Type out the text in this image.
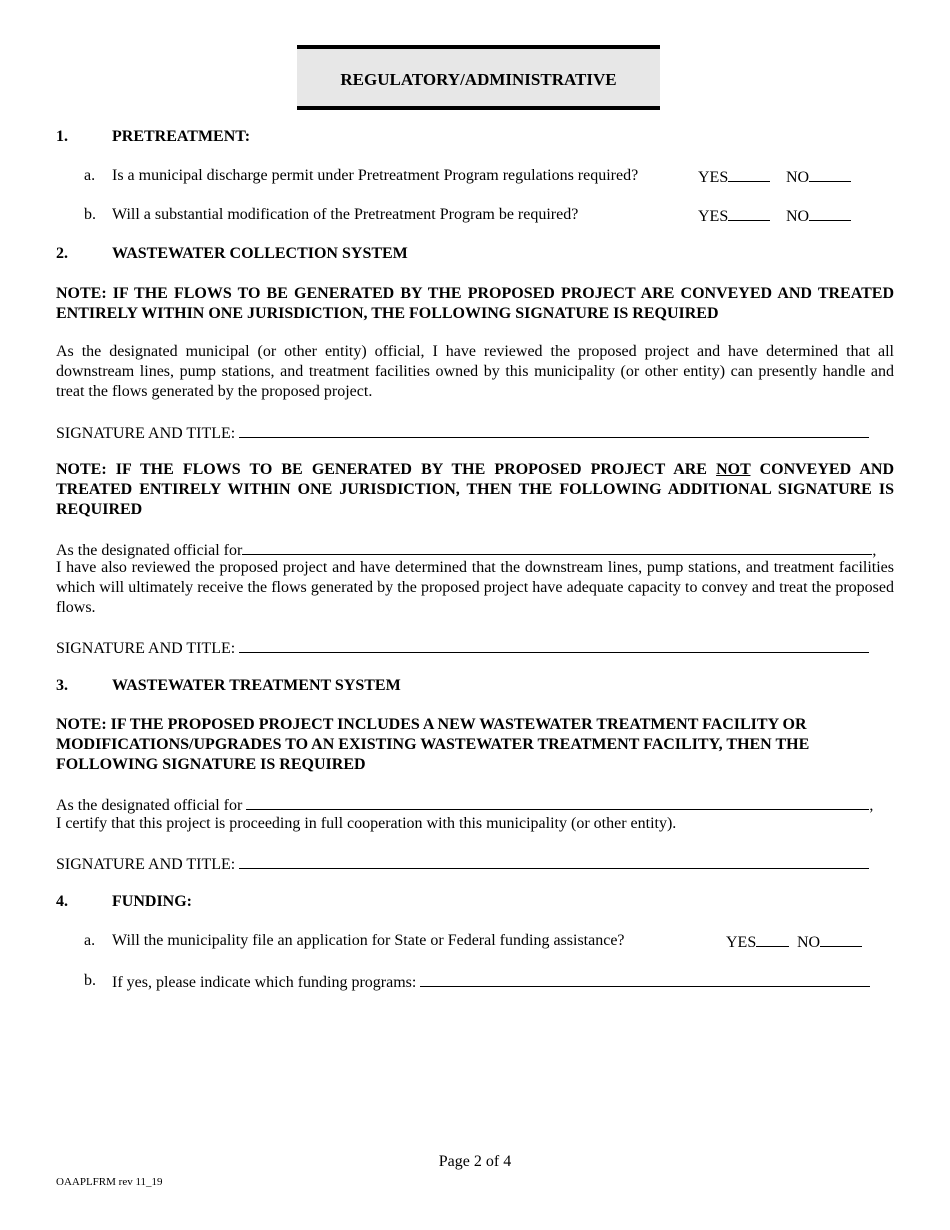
REGULATORY/ADMINISTRATIVE
1.	PRETREATMENT:
a. Is a municipal discharge permit under Pretreatment Program regulations required?	YES	NO
b. Will a substantial modification of the Pretreatment Program be required?	YES	NO
2.	WASTEWATER COLLECTION SYSTEM
NOTE: IF THE FLOWS TO BE GENERATED BY THE PROPOSED PROJECT ARE CONVEYED AND TREATED ENTIRELY WITHIN ONE JURISDICTION, THE FOLLOWING SIGNATURE IS REQUIRED
As the designated municipal (or other entity) official, I have reviewed the proposed project and have determined that all downstream lines, pump stations, and treatment facilities owned by this municipality (or other entity) can presently handle and treat the flows generated by the proposed project.
SIGNATURE AND TITLE:
NOTE: IF THE FLOWS TO BE GENERATED BY THE PROPOSED PROJECT ARE NOT CONVEYED AND TREATED ENTIRELY WITHIN ONE JURISDICTION, THEN THE FOLLOWING ADDITIONAL SIGNATURE IS REQUIRED
As the designated official for	,
I have also reviewed the proposed project and have determined that the downstream lines, pump stations, and treatment facilities which will ultimately receive the flows generated by the proposed project have adequate capacity to convey and treat the proposed flows.
SIGNATURE AND TITLE:
3.	WASTEWATER TREATMENT SYSTEM
NOTE: IF THE PROPOSED PROJECT INCLUDES A NEW WASTEWATER TREATMENT FACILITY OR MODIFICATIONS/UPGRADES TO AN EXISTING WASTEWATER TREATMENT FACILITY, THEN THE FOLLOWING SIGNATURE IS REQUIRED
As the designated official for	,
I certify that this project is proceeding in full cooperation with this municipality (or other entity).
SIGNATURE AND TITLE:
4.	FUNDING:
a. Will the municipality file an application for State or Federal funding assistance?	YES	NO
b. If yes, please indicate which funding programs:
Page 2 of 4
OAAPLFRM rev 11_19
